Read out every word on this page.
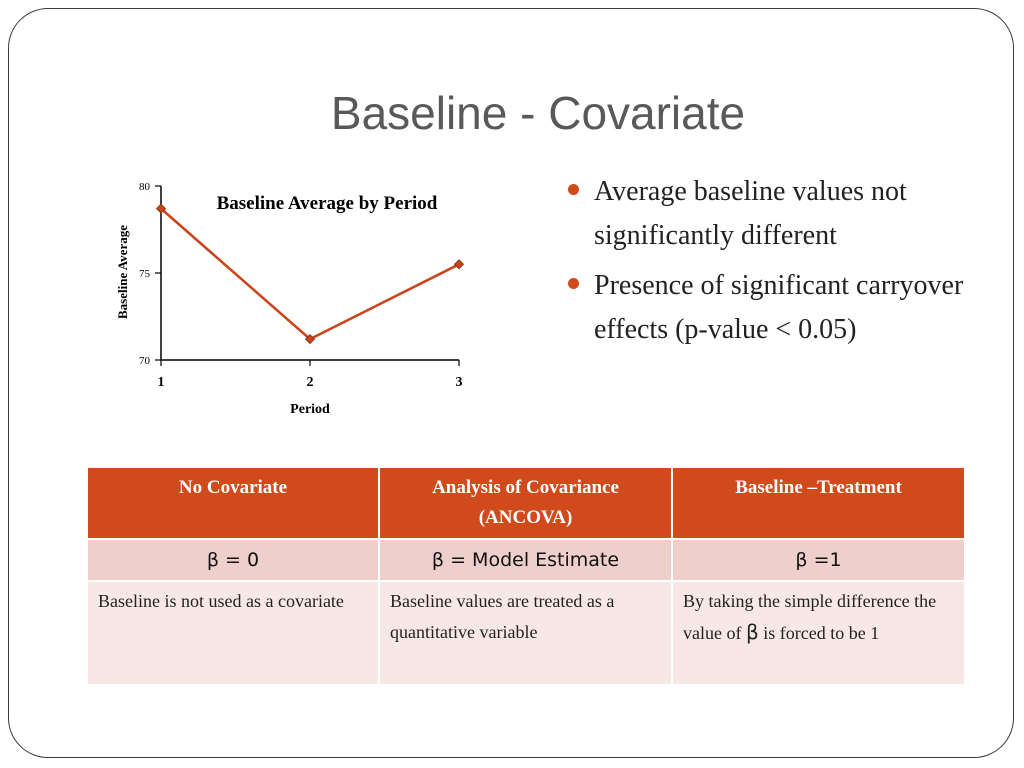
Baseline - Covariate
70
75
80
1	2	3
Baseline Average by Period
Baseline Average
Period
Average baseline values not significantly different
Presence of significant carryover effects (p-value < 0.05)
No Covariate	Analysis of Covariance (ANCOVA)	Baseline –Treatment
β = 0	β = Model Estimate	β =1
Baseline is not used as a covariate	Baseline values are treated as a quantitative variable	By taking the simple difference the value of β is forced to be 1
